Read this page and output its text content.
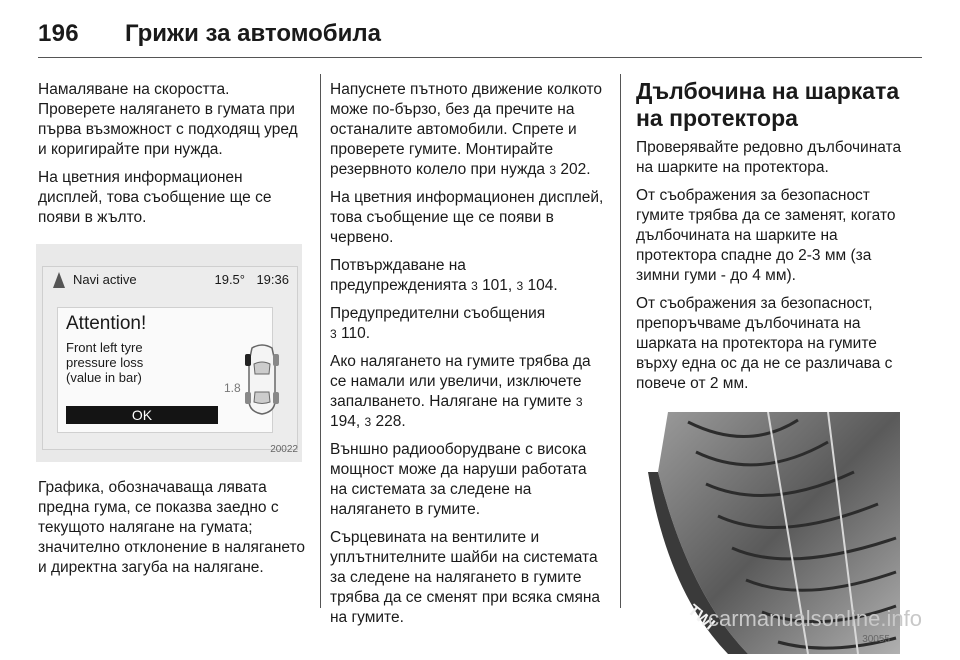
196 Грижи за автомобила

Намаляване на скоростта. Проверете налягането в гумата при първа възможност с подходящ уред и коригирайте при нужда.

На цветния информационен дисплей, това съобщение ще се появи в жълто.

Navi active	19.5° 19:36
Attention!
Front left tyre
pressure loss
(value in bar)
1.8
OK
20022

Графика, обозначаваща лявата предна гума, се показва заедно с текущото налягане на гумата; значително отклонение в налягането и директна загуба на налягане.

Напуснете пътното движение колкото може по-бързо, без да пречите на останалите автомобили. Спрете и проверете гумите. Монтирайте резервното колело при нужда 3 202.

На цветния информационен дисплей, това съобщение ще се появи в червено.

Потвърждаване на предупрежденията 3 101, 3 104.

Предупредителни съобщения
3 110.

Ако налягането на гумите трябва да се намали или увеличи, изключете запалването. Налягане на гумите 3 194, 3 228.

Външно радиооборудване с висока мощност може да наруши работата на системата за следене на налягането в гумите.

Сърцевината на вентилите и уплътнителните шайби на системата за следене на налягането в гумите трябва да се сменят при всяка смяна на гумите.

Дълбочина на шарката на протектора

Проверявайте редовно дълбочината на шарките на протектора.

От съображения за безопасност гумите трябва да се заменят, когато дълбочината на шарките на протектора спадне до 2-3 мм (за зимни гуми - до 4 мм).

От съображения за безопасност, препоръчваме дълбочината на шарката на протектора на гумите върху една ос да не се различава с повече от 2 мм.

TWI
30055
carmanualsonline.info
